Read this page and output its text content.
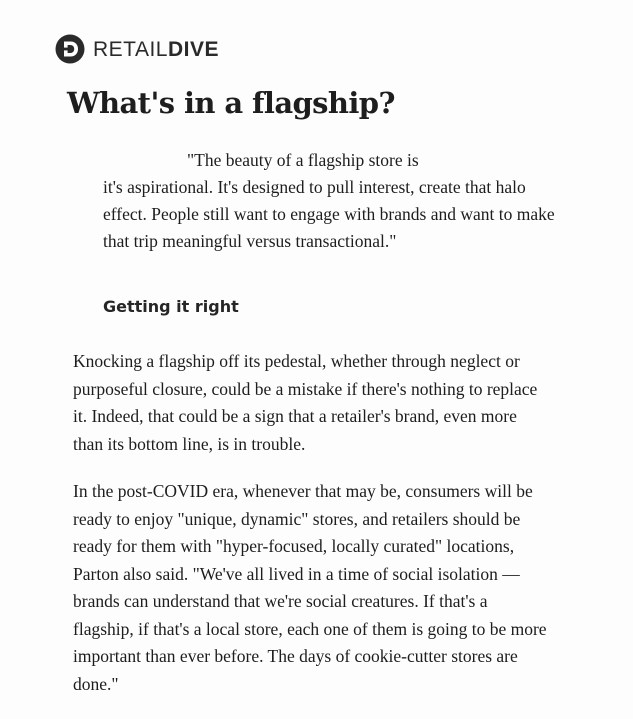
RETAILDIVE
What's in a flagship?
"The beauty of a flagship store is
it's aspirational. It's designed to pull interest, create that halo
effect. People still want to engage with brands and want to make
that trip meaningful versus transactional."
Getting it right
Knocking a flagship off its pedestal, whether through neglect or
purposeful closure, could be a mistake if there's nothing to replace
it. Indeed, that could be a sign that a retailer's brand, even more
than its bottom line, is in trouble.
In the post-COVID era, whenever that may be, consumers will be
ready to enjoy "unique, dynamic" stores, and retailers should be
ready for them with "hyper-focused, locally curated" locations,
Parton also said. "We've all lived in a time of social isolation —
brands can understand that we're social creatures. If that's a
flagship, if that's a local store, each one of them is going to be more
important than ever before. The days of cookie-cutter stores are
done."
